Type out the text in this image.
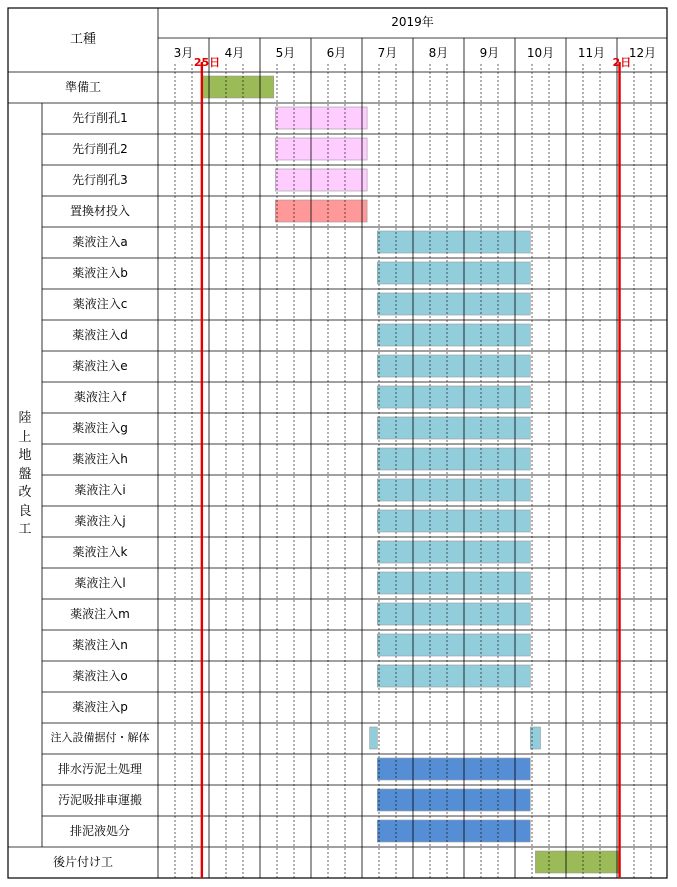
工種
2019年
3月	4月	5月	6月	7月	8月	9月	10月	11月	12月
25日	2日
準備工
先行削孔1
先行削孔2
先行削孔3
置換材投入
薬液注入a
薬液注入b
薬液注入c
薬液注入d
薬液注入e
薬液注入f
薬液注入g
薬液注入h
薬液注入i
薬液注入j
薬液注入k
薬液注入l
薬液注入m
薬液注入n
薬液注入o
薬液注入p
注入設備据付・解体
排水汚泥土処理
汚泥吸排車運搬
排泥液処分
後片付け工
陸
上
地
盤
改
良
工
